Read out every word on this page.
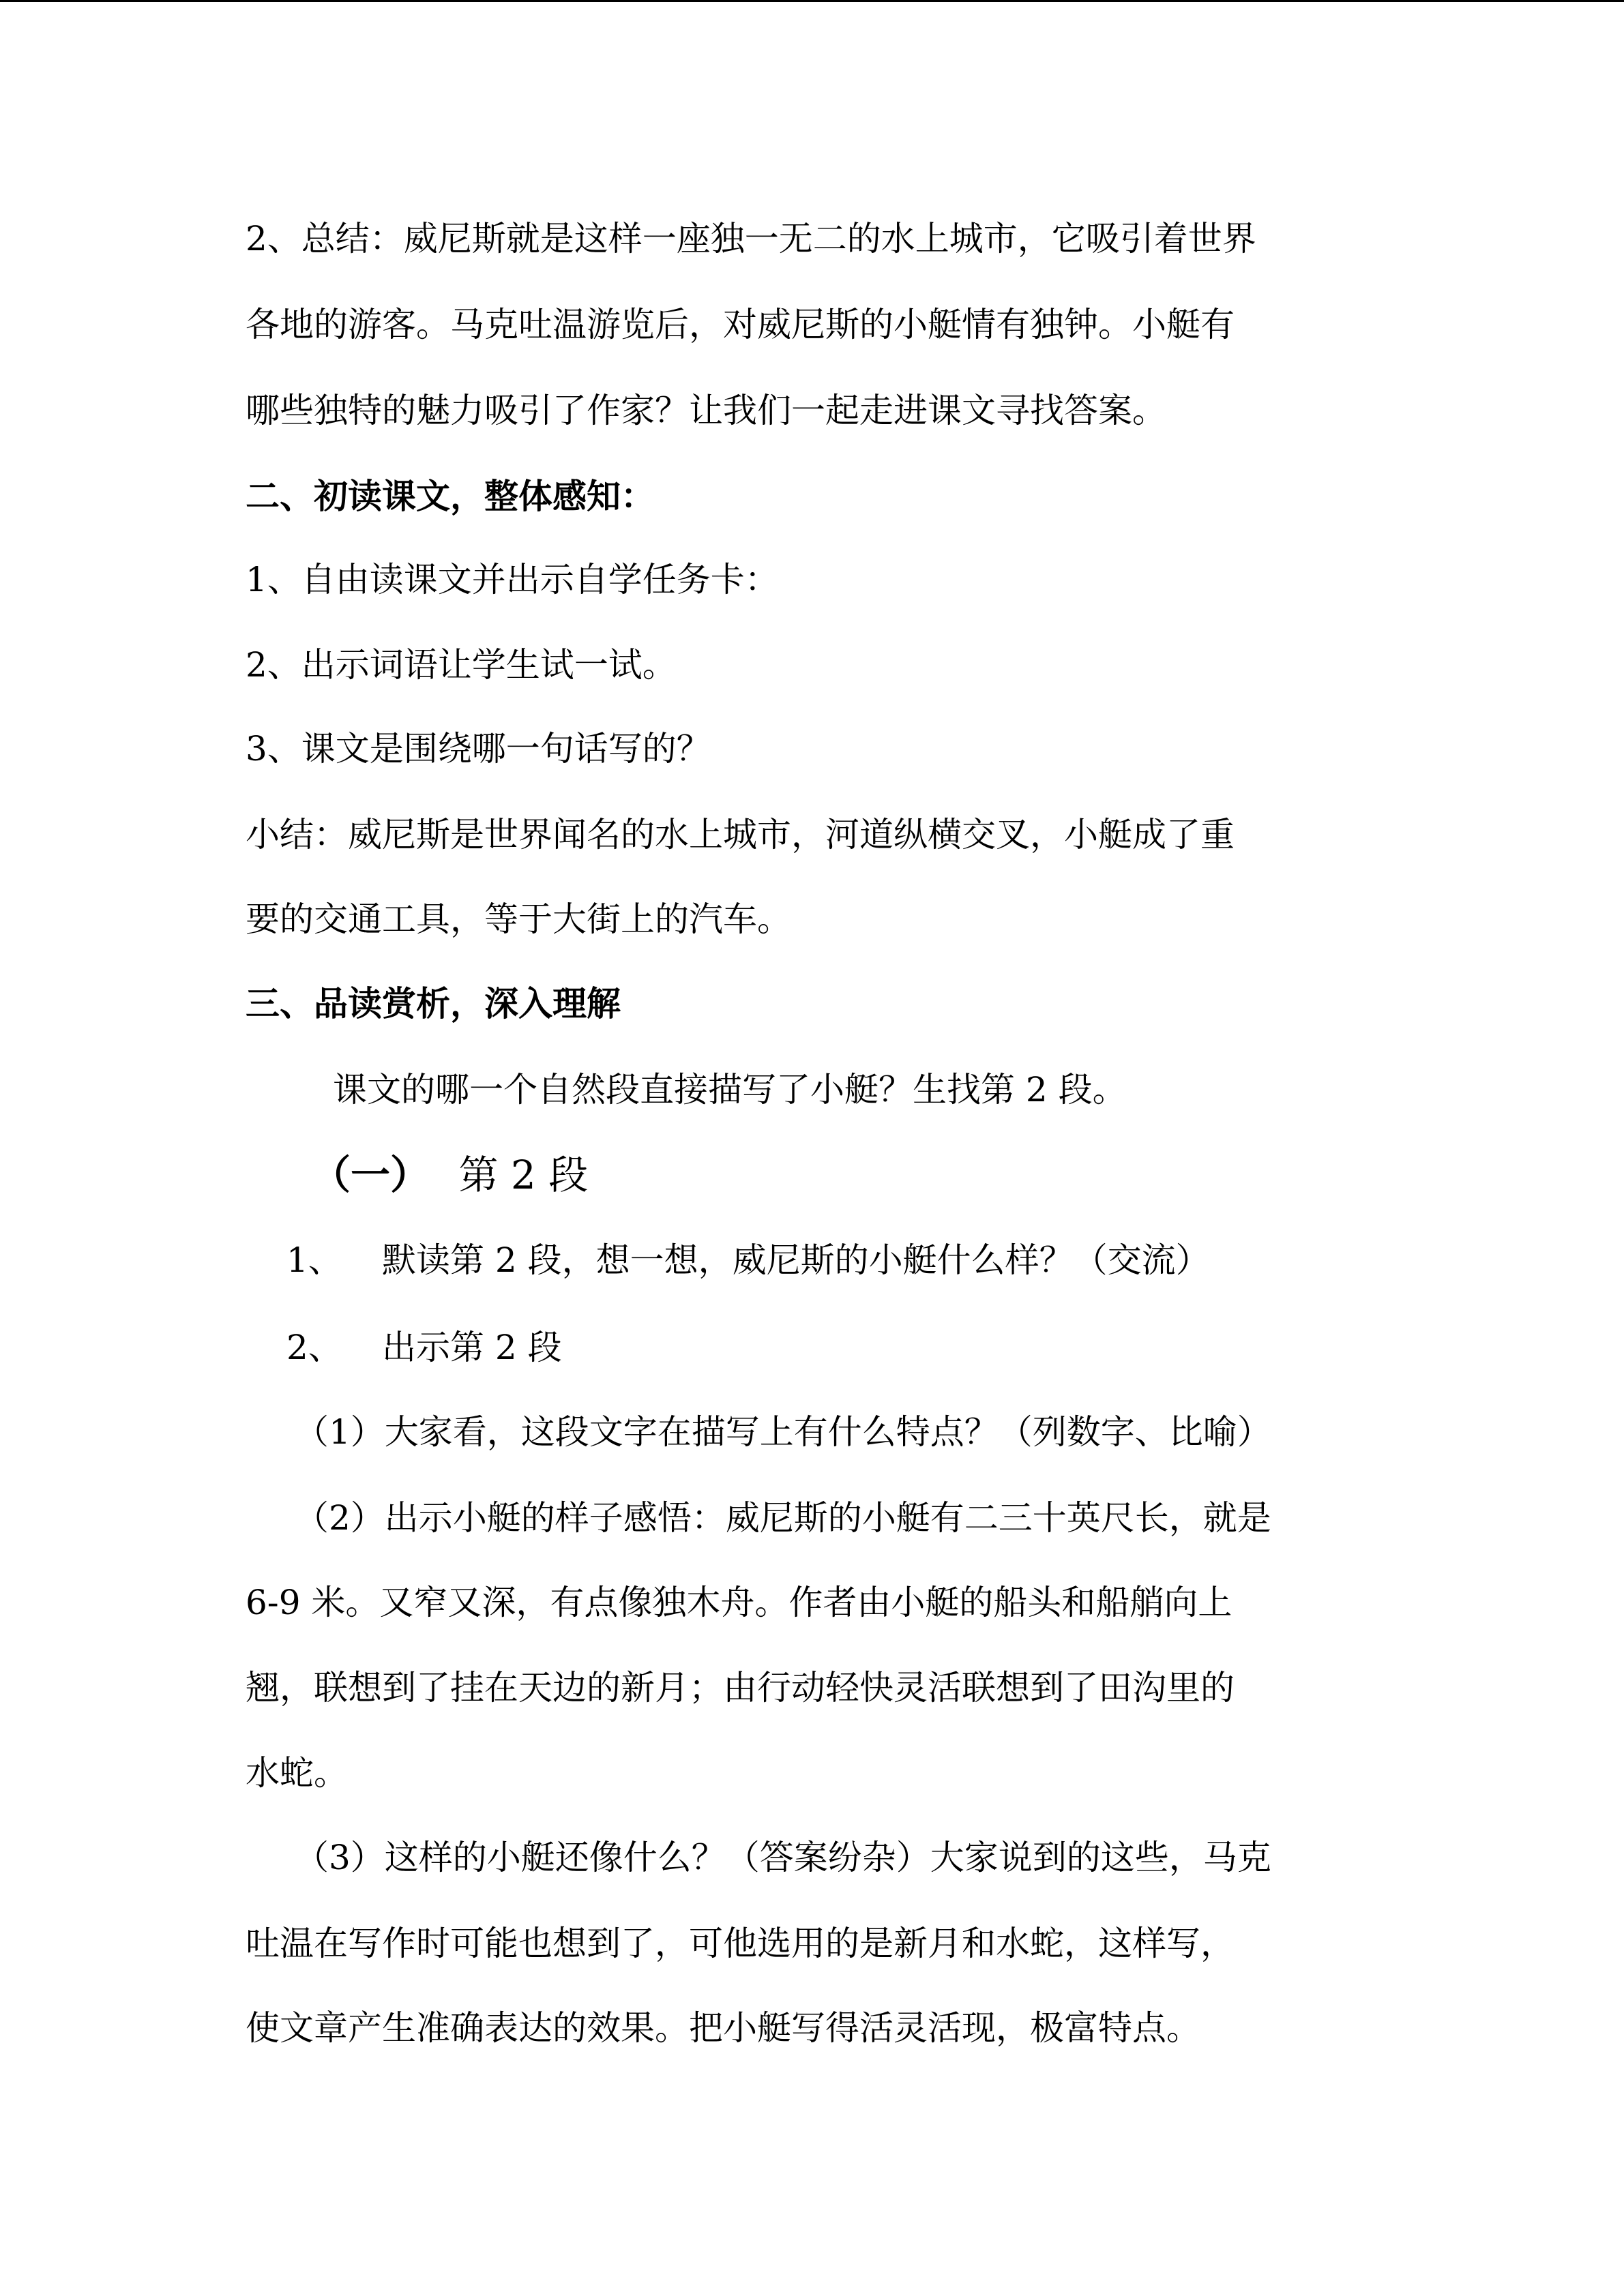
2、总结：威尼斯就是这样一座独一无二的水上城市，它吸引着世界

各地的游客。马克吐温游览后，对威尼斯的小艇情有独钟。小艇有

哪些独特的魅力吸引了作家？让我们一起走进课文寻找答案。

二、初读课文，整体感知：

1、自由读课文并出示自学任务卡：

2、出示词语让学生试一试。

3、课文是围绕哪一句话写的？

小结：威尼斯是世界闻名的水上城市，河道纵横交叉，小艇成了重

要的交通工具，等于大街上的汽车。

三、品读赏析，深入理解

课文的哪一个自然段直接描写了小艇？生找第 2 段。

（一） 第 2 段

1、 默读第 2 段，想一想，威尼斯的小艇什么样？（交流）

2、 出示第 2 段

（1）大家看，这段文字在描写上有什么特点？（列数字、比喻）

（2）出示小艇的样子感悟：威尼斯的小艇有二三十英尺长，就是

6-9 米。又窄又深，有点像独木舟。作者由小艇的船头和船艄向上

翘，联想到了挂在天边的新月；由行动轻快灵活联想到了田沟里的

水蛇。

（3）这样的小艇还像什么？（答案纷杂）大家说到的这些，马克

吐温在写作时可能也想到了，可他选用的是新月和水蛇，这样写，

使文章产生准确表达的效果。把小艇写得活灵活现，极富特点。
